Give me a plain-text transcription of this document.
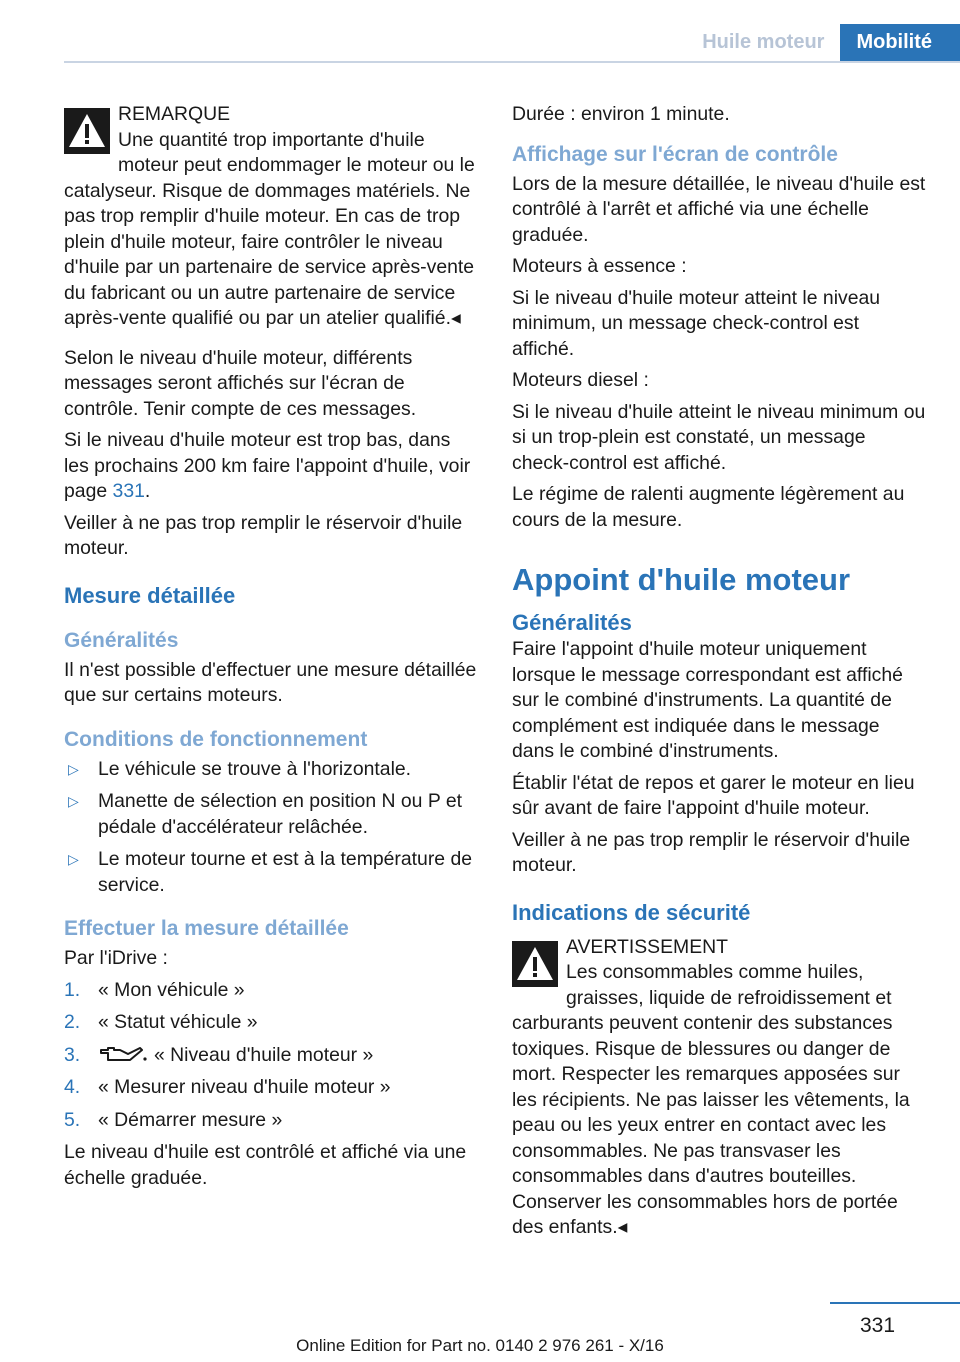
Huile moteur	Mobilité

REMARQUE

Une quantité trop importante d'huile moteur peut endommager le moteur ou le catalyseur. Risque de dommages matériels. Ne pas trop remplir d'huile moteur. En cas de trop plein d'huile moteur, faire contrôler le niveau d'huile par un partenaire de service après-vente du fabricant ou un autre partenaire de service après-vente qualifié ou par un atelier qualifié.◂

Selon le niveau d'huile moteur, différents messages seront affichés sur l'écran de contrôle. Tenir compte de ces messages.

Si le niveau d'huile moteur est trop bas, dans les prochains 200 km faire l'appoint d'huile, voir page 331.

Veiller à ne pas trop remplir le réservoir d'huile moteur.

Mesure détaillée
Généralités

Il n'est possible d'effectuer une mesure détaillée que sur certains moteurs.

Conditions de fonctionnement
▷ Le véhicule se trouve à l'horizontale.
▷ Manette de sélection en position N ou P et pédale d'accélérateur relâchée.
▷ Le moteur tourne et est à la température de service.
Effectuer la mesure détaillée

Par l'iDrive :

1. « Mon véhicule »
2. « Statut véhicule »
3.	« Niveau d'huile moteur »
4. « Mesurer niveau d'huile moteur »
5. « Démarrer mesure »

Le niveau d'huile est contrôlé et affiché via une échelle graduée.

Durée : environ 1 minute.

Affichage sur l'écran de contrôle

Lors de la mesure détaillée, le niveau d'huile est contrôlé à l'arrêt et affiché via une échelle graduée.

Moteurs à essence :

Si le niveau d'huile moteur atteint le niveau minimum, un message check-control est affiché.

Moteurs diesel :

Si le niveau d'huile atteint le niveau minimum ou si un trop-plein est constaté, un message check-control est affiché.

Le régime de ralenti augmente légèrement au cours de la mesure.

Appoint d'huile moteur
Généralités

Faire l'appoint d'huile moteur uniquement lorsque le message correspondant est affiché sur le combiné d'instruments. La quantité de complément est indiquée dans le message dans le combiné d'instruments.

Établir l'état de repos et garer le moteur en lieu sûr avant de faire l'appoint d'huile moteur.

Veiller à ne pas trop remplir le réservoir d'huile moteur.

Indications de sécurité

AVERTISSEMENT

Les consommables comme huiles, graisses, liquide de refroidissement et carburants peuvent contenir des substances toxiques. Risque de blessures ou danger de mort. Respecter les remarques apposées sur les récipients. Ne pas laisser les vêtements, la peau ou les yeux entrer en contact avec les consommables. Ne pas transvaser les consommables dans d'autres bouteilles. Conserver les consommables hors de portée des enfants.◂

331
Online Edition for Part no. 0140 2 976 261 - X/16
